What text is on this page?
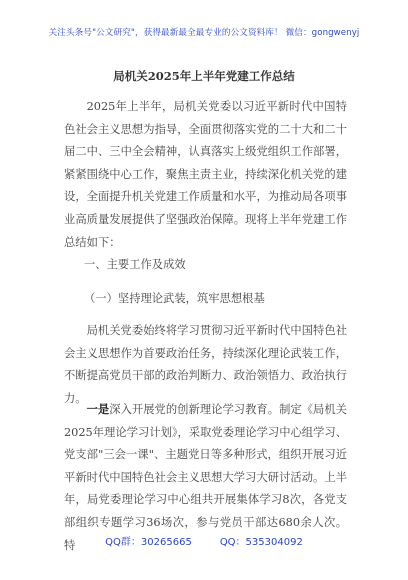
关注头条号"公文研究"，获得最新最全最专业的公文资料库！ 微信：gongwenyj
局机关2025年上半年党建工作总结

2025年上半年，局机关党委以习近平新时代中国特色社会主义思想为指导，全面贯彻落实党的二十大和二十届二中、三中全会精神，认真落实上级党组织工作部署，紧紧围绕中心工作，聚焦主责主业，持续深化机关党的建设，全面提升机关党建工作质量和水平，为推动局各项事业高质量发展提供了坚强政治保障。现将上半年党建工作总结如下：

一、主要工作及成效
（一）坚持理论武装，筑牢思想根基

局机关党委始终将学习贯彻习近平新时代中国特色社会主义思想作为首要政治任务，持续深化理论武装工作，不断提高党员干部的政治判断力、政治领悟力、政治执行力。

一是深入开展党的创新理论学习教育。制定《局机关2025年理论学习计划》，采取党委理论学习中心组学习、党支部"三会一课"、主题党日等多种形式，组织开展习近平新时代中国特色社会主义思想大学习大研讨活动。上半年，局党委理论学习中心组共开展集体学习8次，各党支部组织专题学习36场次，参与党员干部达680余人次。特	QQ群：30265665	QQ：535304092
